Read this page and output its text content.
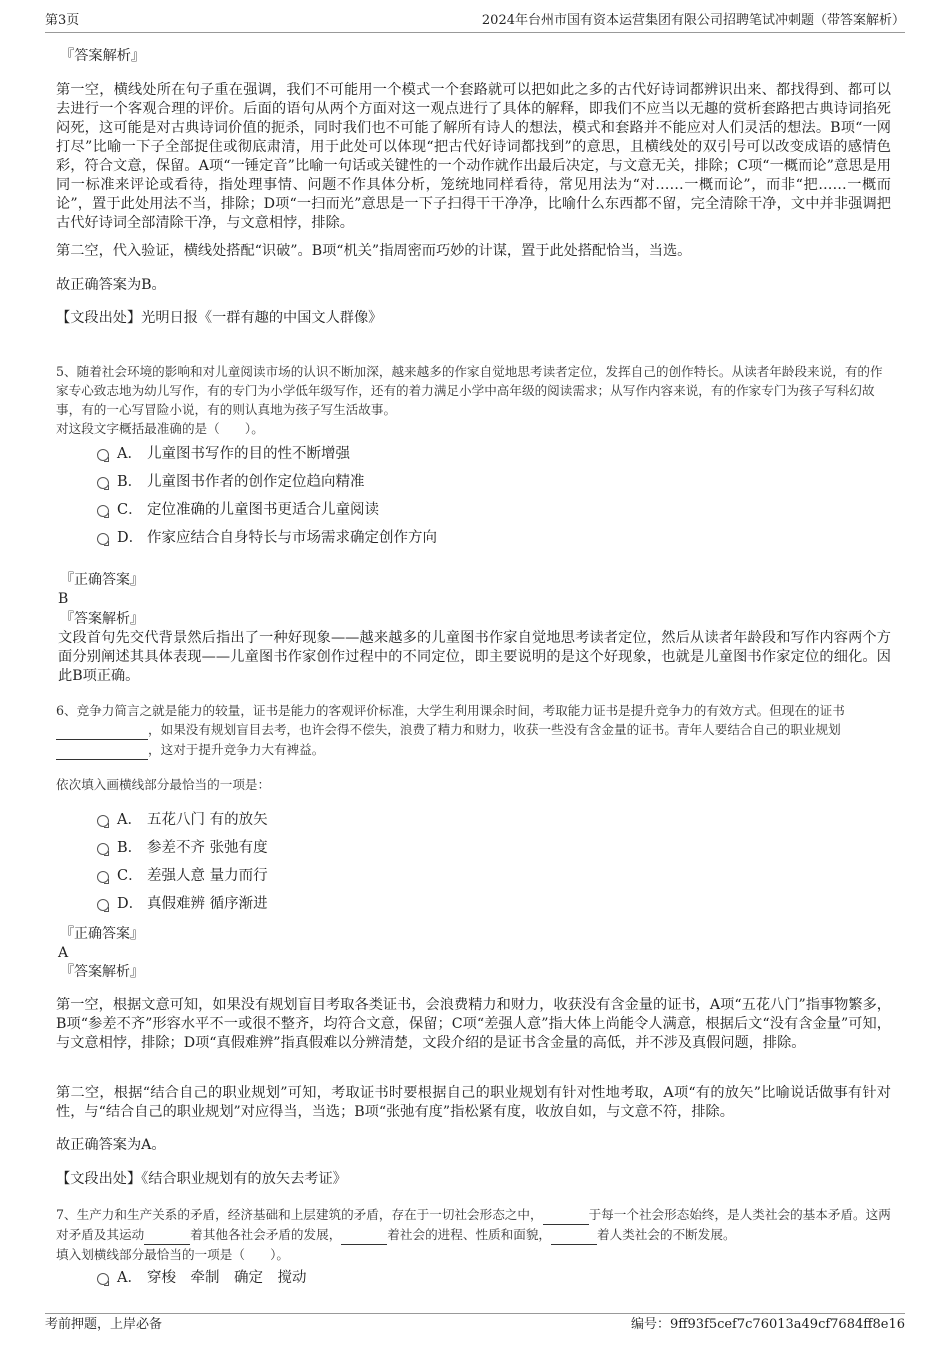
第3页	2024年台州市国有资本运营集团有限公司招聘笔试冲刺题（带答案解析）
『答案解析』

第一空，横线处所在句子重在强调，我们不可能用一个模式一个套路就可以把如此之多的古代好诗词都辨识出来、都找得到、都可以去进行一个客观合理的评价。后面的语句从两个方面对这一观点进行了具体的解释，即我们不应当以无趣的赏析套路把古典诗词掐死闷死，这可能是对古典诗词价值的扼杀，同时我们也不可能了解所有诗人的想法，模式和套路并不能应对人们灵活的想法。B项“一网打尽”比喻一下子全部捉住或彻底肃清，用于此处可以体现“把古代好诗词都找到”的意思，且横线处的双引号可以改变成语的感情色彩，符合文意，保留。A项“一锤定音”比喻一句话或关键性的一个动作就作出最后决定，与文意无关，排除；C项“一概而论”意思是用同一标准来评论或看待，指处理事情、问题不作具体分析，笼统地同样看待，常见用法为“对……一概而论”，而非“把……一概而论”，置于此处用法不当，排除；D项“一扫而光”意思是一下子扫得干干净净，比喻什么东西都不留，完全清除干净，文中并非强调把古代好诗词全部清除干净，与文意相悖，排除。

第二空，代入验证，横线处搭配“识破”。B项“机关”指周密而巧妙的计谋，置于此处搭配恰当，当选。

故正确答案为B。

【文段出处】光明日报《一群有趣的中国文人群像》

5、随着社会环境的影响和对儿童阅读市场的认识不断加深，越来越多的作家自觉地思考读者定位，发挥自己的创作特长。从读者年龄段来说，有的作家专心致志地为幼儿写作，有的专门为小学低年级写作，还有的着力满足小学中高年级的阅读需求；从写作内容来说，有的作家专门为孩子写科幻故事，有的一心写冒险小说，有的则认真地为孩子写生活故事。

对这段文字概括最准确的是（　　）。

A． 儿童图书写作的目的性不断增强
B． 儿童图书作者的创作定位趋向精准
C． 定位准确的儿童图书更适合儿童阅读
D． 作家应结合自身特长与市场需求确定创作方向
『正确答案』
B
『答案解析』

文段首句先交代背景然后指出了一种好现象——越来越多的儿童图书作家自觉地思考读者定位，然后从读者年龄段和写作内容两个方面分别阐述其具体表现——儿童图书作家创作过程中的不同定位，即主要说明的是这个好现象，也就是儿童图书作家定位的细化。因此B项正确。

6、竞争力简言之就是能力的较量，证书是能力的客观评价标准，大学生利用课余时间，考取能力证书是提升竞争力的有效方式。但现在的证书
，如果没有规划盲目去考，也许会得不偿失，浪费了精力和财力，收获一些没有含金量的证书。青年人要结合自己的职业规划
，这对于提升竞争力大有裨益。

依次填入画横线部分最恰当的一项是：

A． 五花八门 有的放矢
B． 参差不齐 张弛有度
C． 差强人意 量力而行
D． 真假难辨 循序渐进
『正确答案』
A
『答案解析』

第一空，根据文意可知，如果没有规划盲目考取各类证书，会浪费精力和财力，收获没有含金量的证书，A项“五花八门”指事物繁多，B项“参差不齐”形容水平不一或很不整齐，均符合文意，保留；C项“差强人意”指大体上尚能令人满意，根据后文“没有含金量”可知，与文意相悖，排除；D项“真假难辨”指真假难以分辨清楚，文段介绍的是证书含金量的高低，并不涉及真假问题，排除。

第二空，根据“结合自己的职业规划”可知，考取证书时要根据自己的职业规划有针对性地考取，A项“有的放矢”比喻说话做事有针对性，与“结合自己的职业规划”对应得当，当选；B项“张弛有度”指松紧有度，收放自如，与文意不符，排除。

故正确答案为A。

【文段出处】《结合职业规划有的放矢去考证》

7、生产力和生产关系的矛盾，经济基础和上层建筑的矛盾，存在于一切社会形态之中，	于每一个社会形态始终，是人类社会的基本矛盾。这两对矛盾及其运动	着其他各社会矛盾的发展，	着社会的进程、性质和面貌，	着人类社会的不断发展。

填入划横线部分最恰当的一项是（　　）。

A． 穿梭　牵制　确定　搅动
考前押题，上岸必备	编号：9ff93f5cef7c76013a49cf7684ff8e16
